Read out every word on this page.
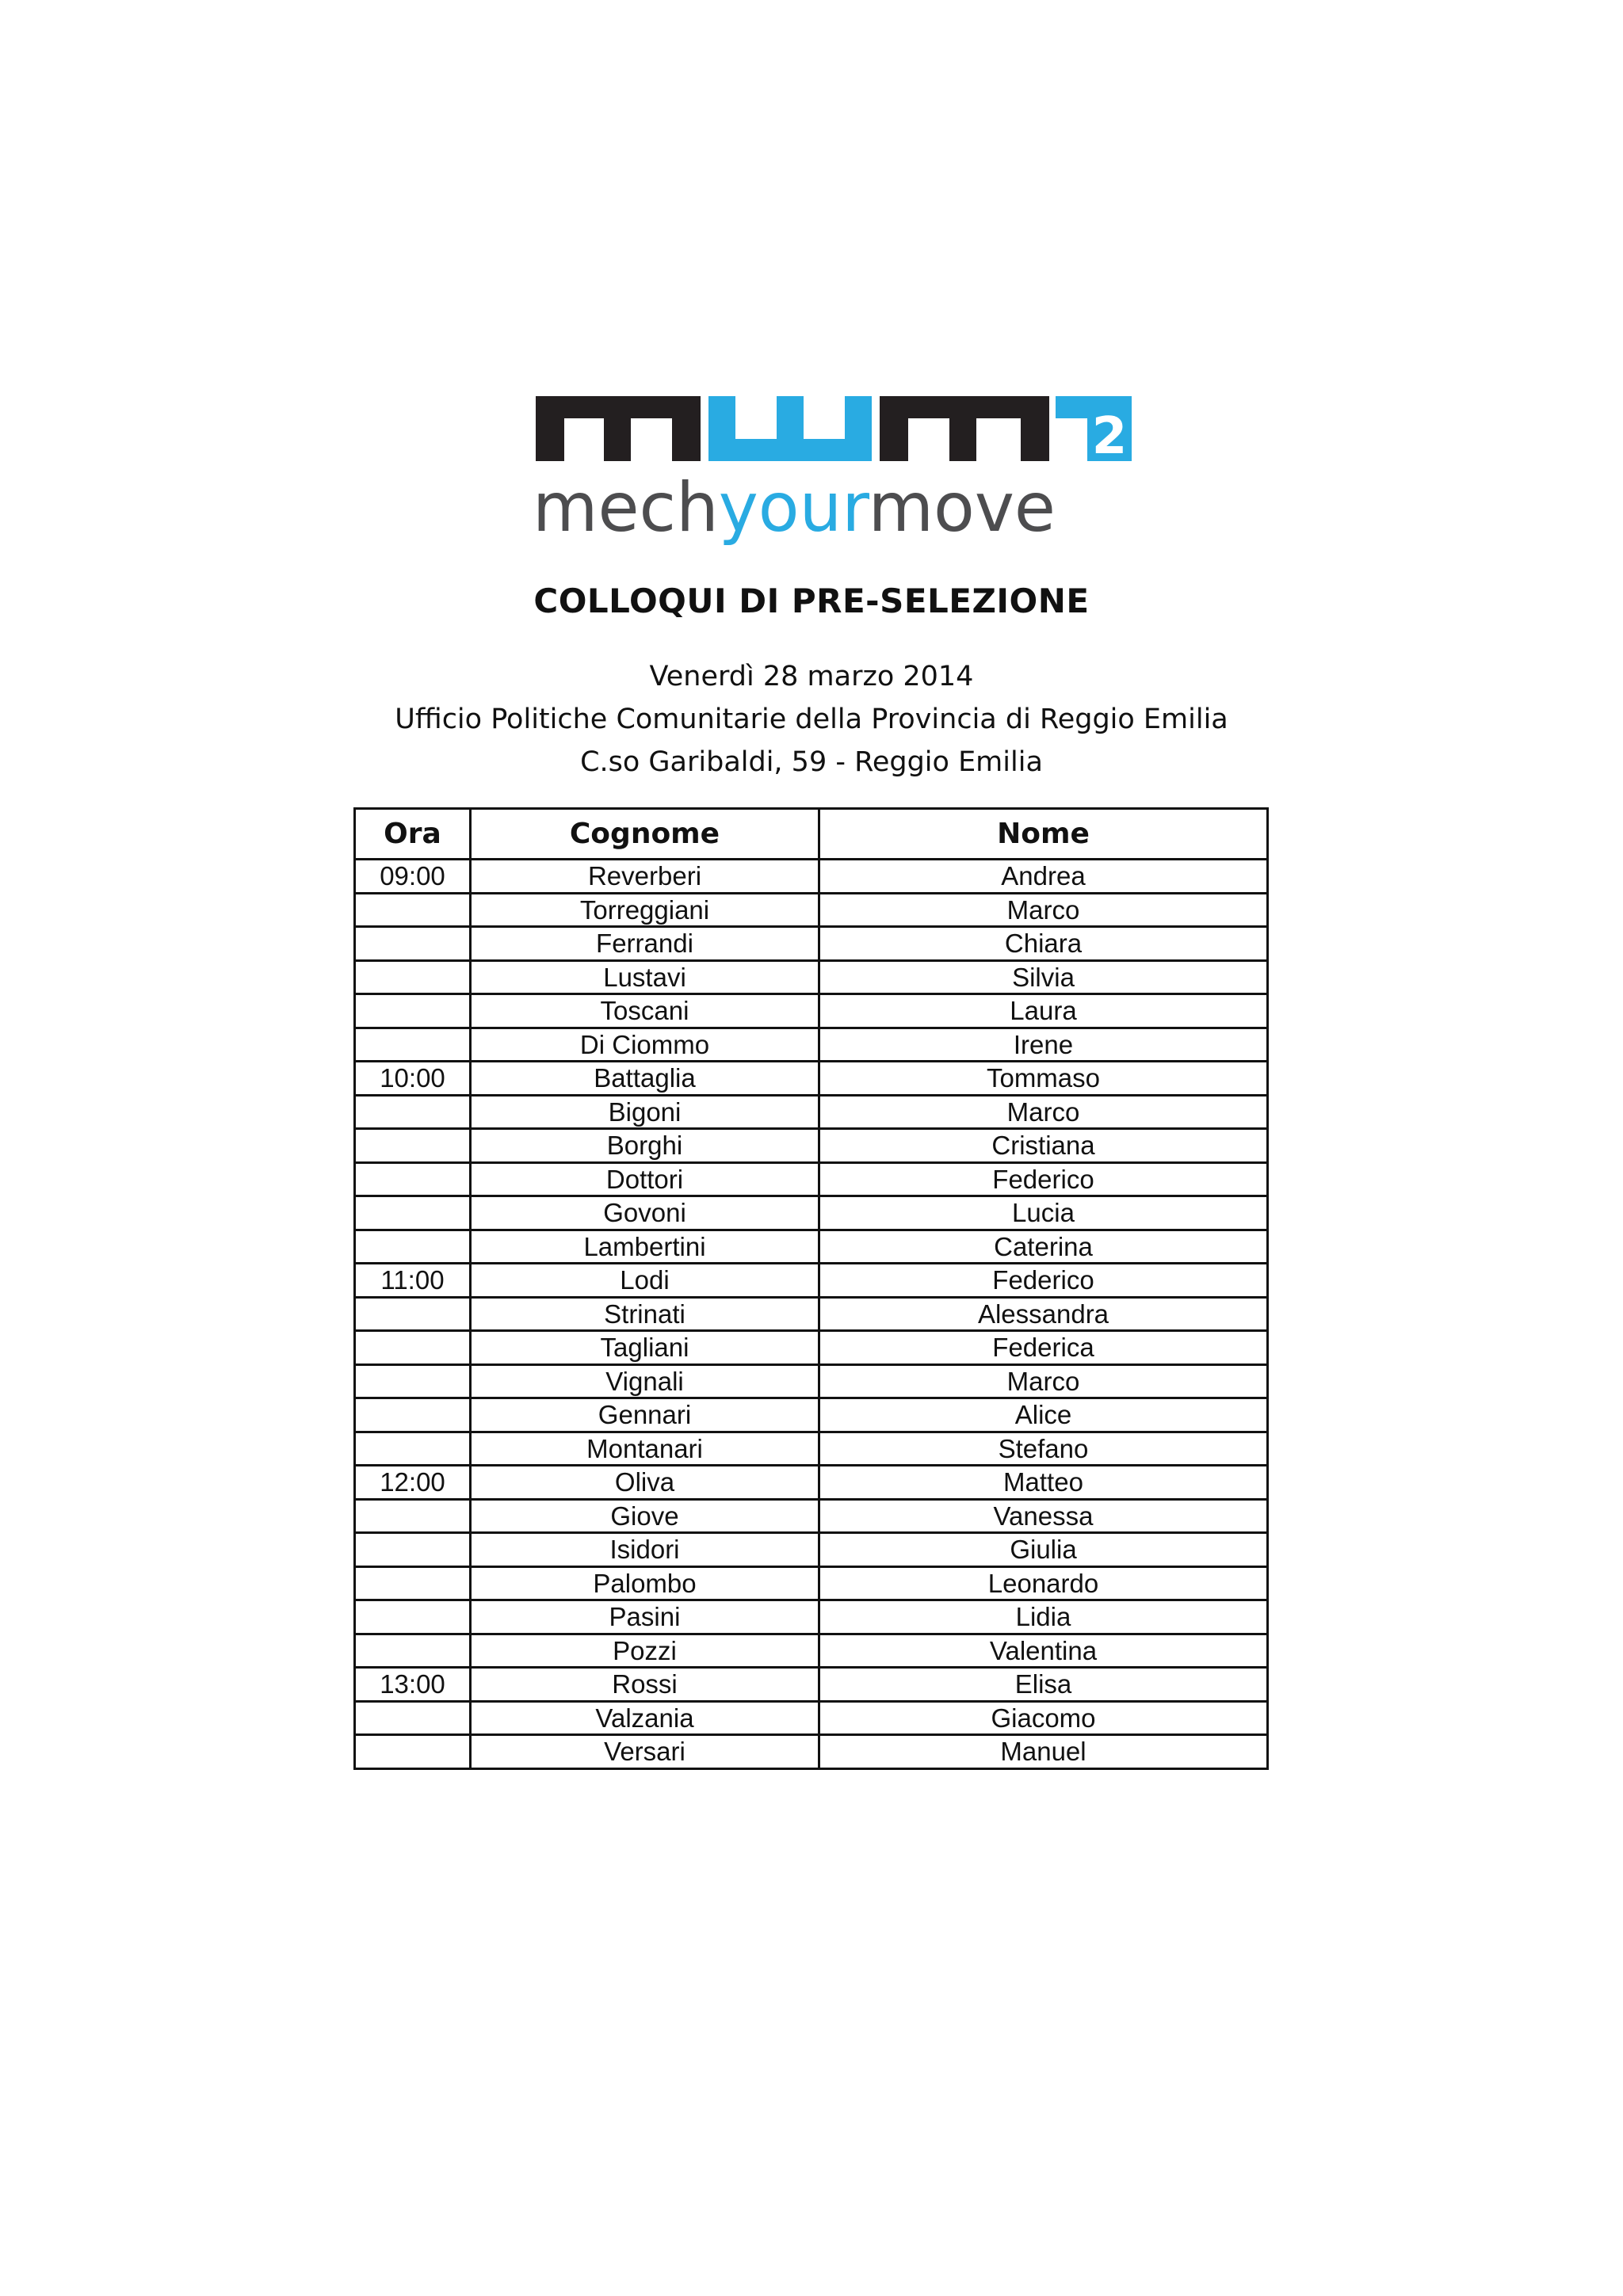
2
mechyourmove
COLLOQUI DI PRE-SELEZIONE
Venerdì 28 marzo 2014
Ufficio Politiche Comunitarie della Provincia di Reggio Emilia
C.so Garibaldi, 59 - Reggio Emilia
Ora	Cognome	Nome
09:00	Reverberi	Andrea
	Torreggiani	Marco
	Ferrandi	Chiara
	Lustavi	Silvia
	Toscani	Laura
	Di Ciommo	Irene
10:00	Battaglia	Tommaso
	Bigoni	Marco
	Borghi	Cristiana
	Dottori	Federico
	Govoni	Lucia
	Lambertini	Caterina
11:00	Lodi	Federico
	Strinati	Alessandra
	Tagliani	Federica
	Vignali	Marco
	Gennari	Alice
	Montanari	Stefano
12:00	Oliva	Matteo
	Giove	Vanessa
	Isidori	Giulia
	Palombo	Leonardo
	Pasini	Lidia
	Pozzi	Valentina
13:00	Rossi	Elisa
	Valzania	Giacomo
	Versari	Manuel
